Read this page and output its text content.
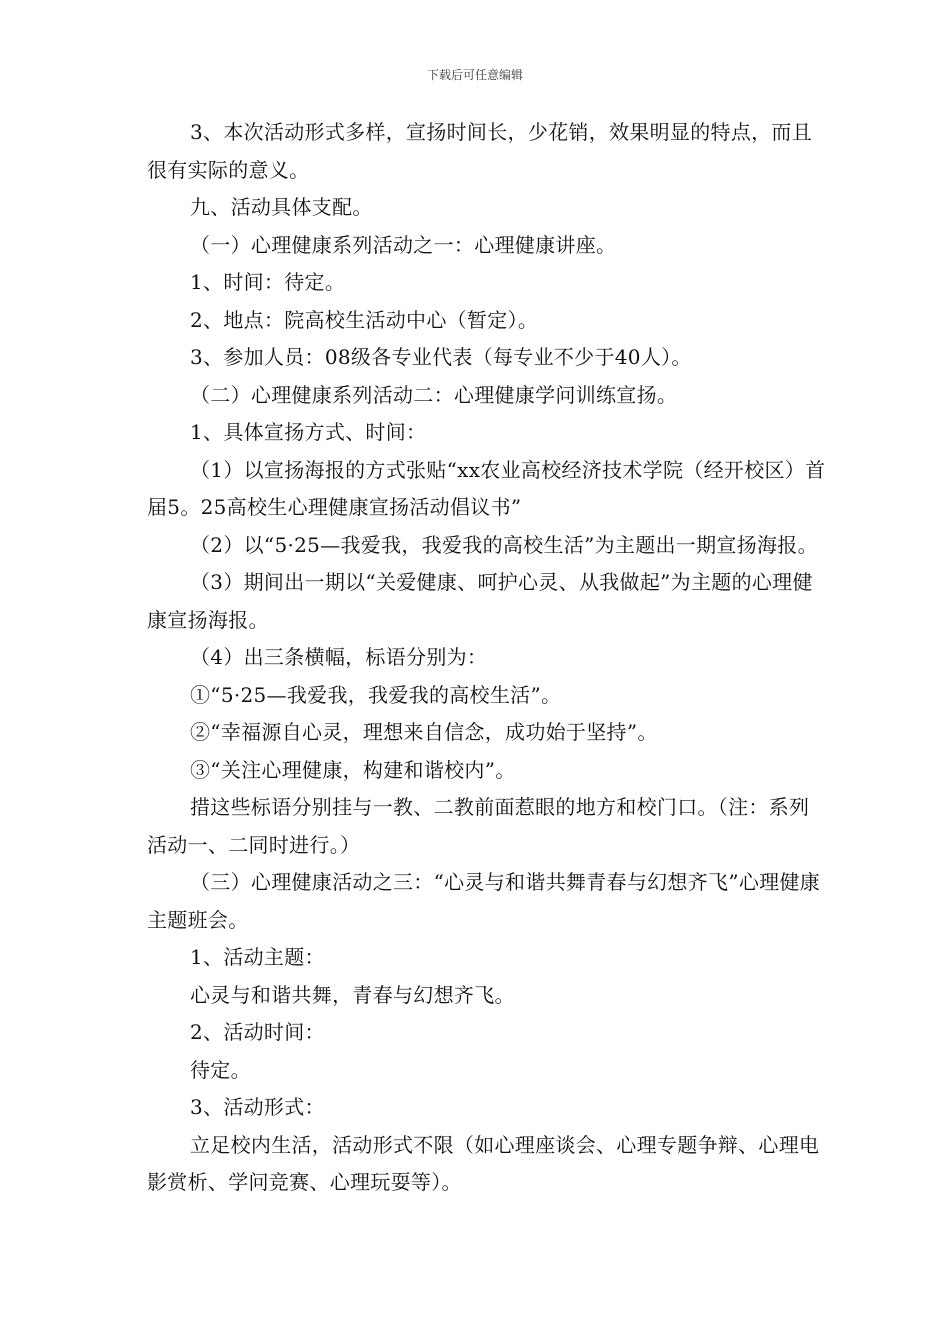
下载后可任意编辑

3、本次活动形式多样，宣扬时间长，少花销，效果明显的特点，而且很有实际的意义。

九、活动具体支配。

（一）心理健康系列活动之一：心理健康讲座。

1、时间：待定。

2、地点：院高校生活动中心（暂定）。

3、参加人员：08级各专业代表（每专业不少于40人）。

（二）心理健康系列活动二：心理健康学问训练宣扬。

1、具体宣扬方式、时间：

（1）以宣扬海报的方式张贴“xx农业高校经济技术学院（经开校区）首届5。25高校生心理健康宣扬活动倡议书”

（2）以“5·25—我爱我，我爱我的高校生活”为主题出一期宣扬海报。

（3）期间出一期以“关爱健康、呵护心灵、从我做起”为主题的心理健康宣扬海报。

（4）出三条横幅，标语分别为：

①“5·25—我爱我，我爱我的高校生活”。

②“幸福源自心灵，理想来自信念，成功始于坚持”。

③“关注心理健康，构建和谐校内”。

措这些标语分别挂与一教、二教前面惹眼的地方和校门口。（注：系列活动一、二同时进行。）

（三）心理健康活动之三：“心灵与和谐共舞青春与幻想齐飞”心理健康主题班会。

1、活动主题：

心灵与和谐共舞，青春与幻想齐飞。

2、活动时间：

待定。

3、活动形式：

立足校内生活，活动形式不限（如心理座谈会、心理专题争辩、心理电影赏析、学问竞赛、心理玩耍等）。
